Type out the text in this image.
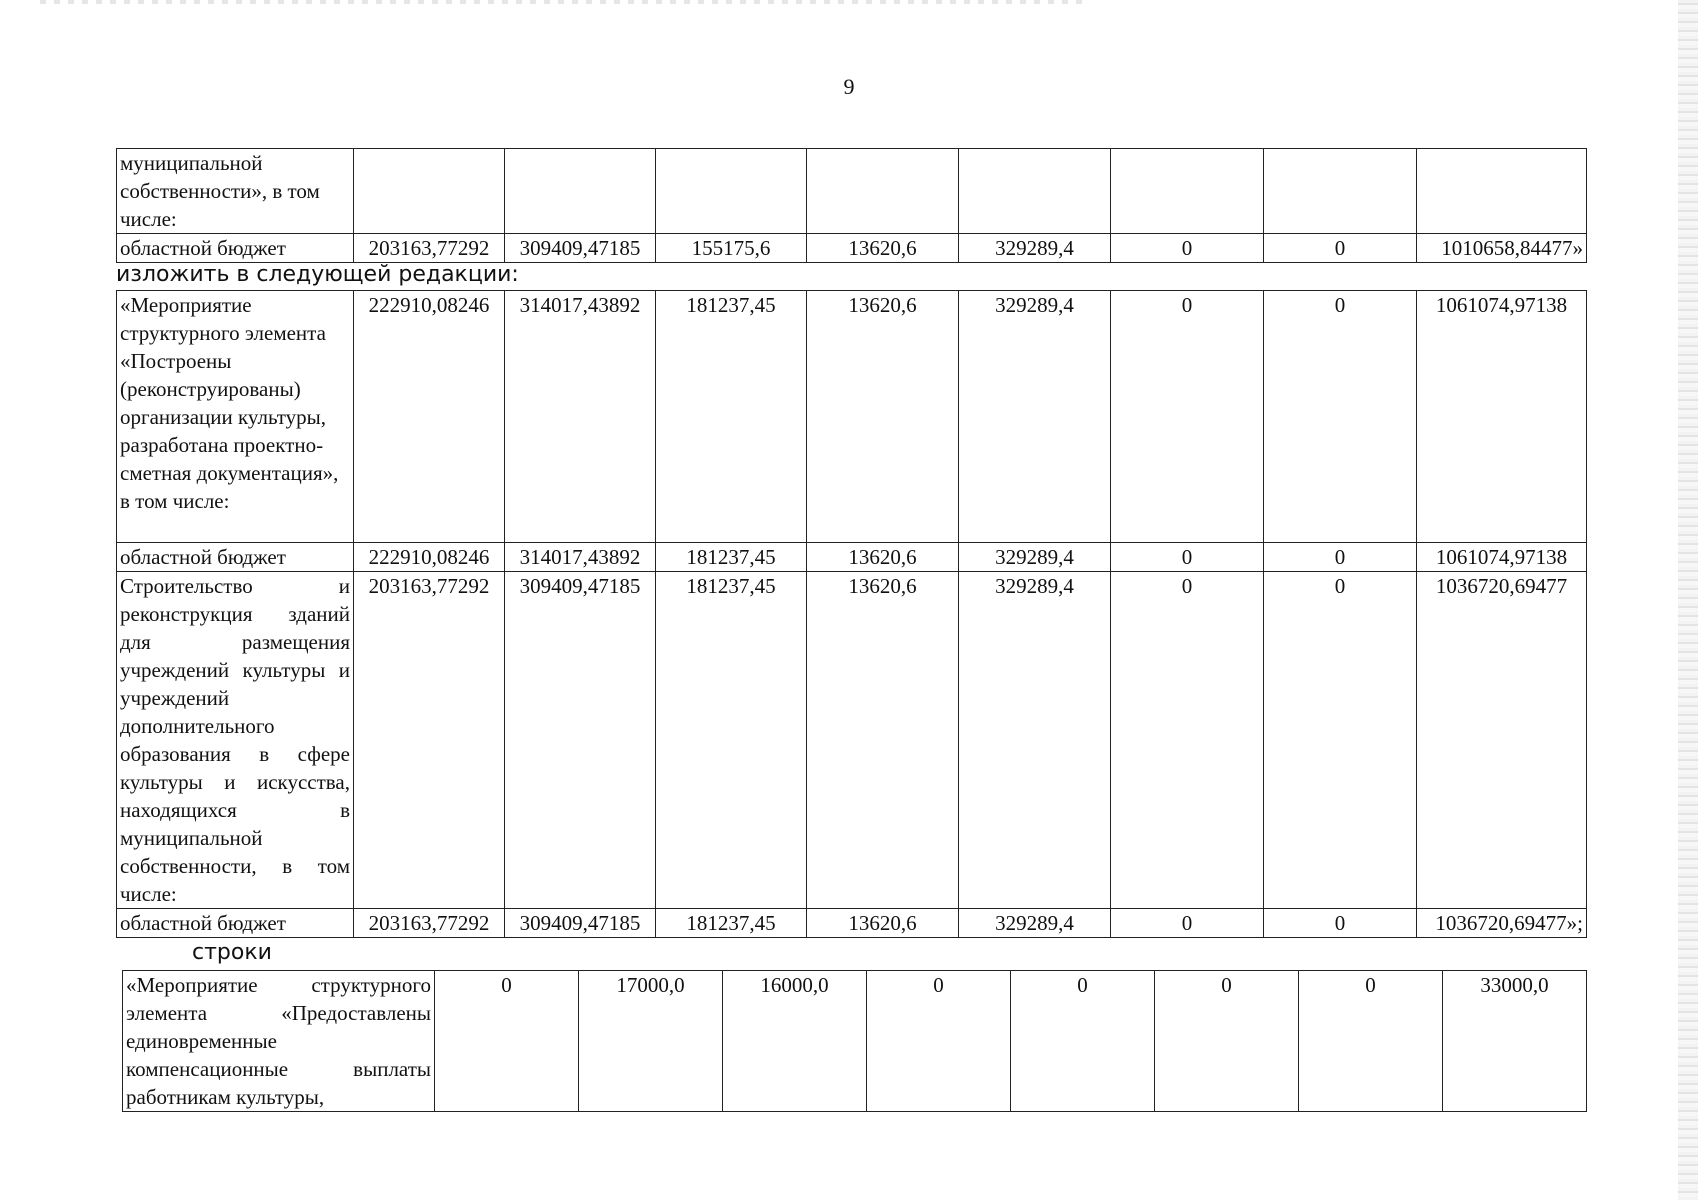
9
муниципальной собственности», в том числе:								
областной бюджет	203163,77292	309409,47185	155175,6	13620,6	329289,4	0	0	1010658,84477»
изложить в следующей редакции:
«Мероприятие структурного элемента «Построены (реконструированы) организации культуры, разработана проектно-сметная документация», в том числе:	222910,08246	314017,43892	181237,45	13620,6	329289,4	0	0	1061074,97138
областной бюджет	222910,08246	314017,43892	181237,45	13620,6	329289,4	0	0	1061074,97138
Строительство и реконструкция зданий для размещения учреждений культуры и учреждений дополнительного образования в сфере культуры и искусства, находящихся в муниципальной собственности, в том числе:	203163,77292	309409,47185	181237,45	13620,6	329289,4	0	0	1036720,69477
областной бюджет	203163,77292	309409,47185	181237,45	13620,6	329289,4	0	0	1036720,69477»;
строки
«Мероприятие структурного элемента «Предоставлены единовременные компенсационные выплаты работникам культуры,	0	17000,0	16000,0	0	0	0	0	33000,0
